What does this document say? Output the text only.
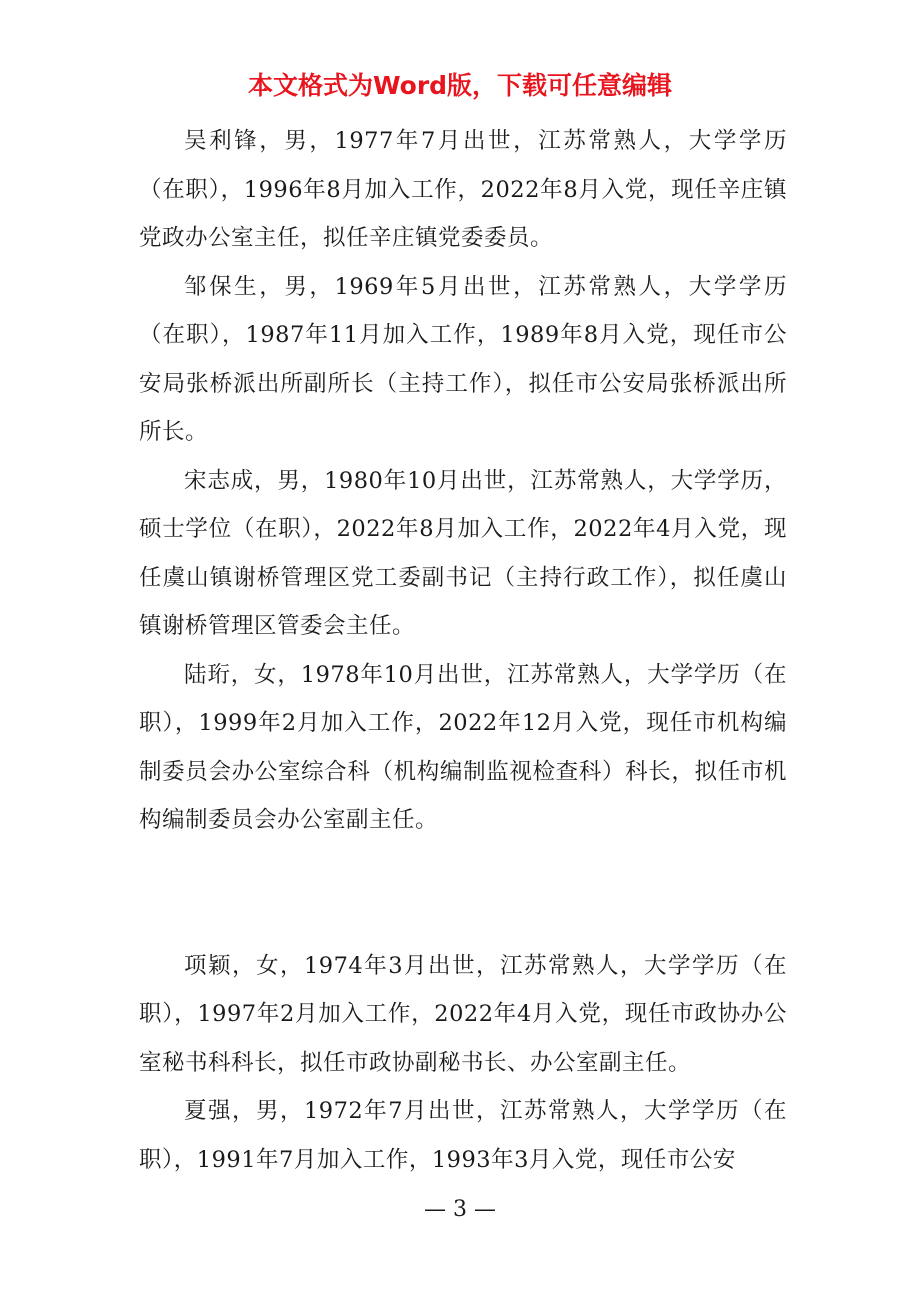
本文格式为Word版，下载可任意编辑

吴利锋，男，1977年7月出世，江苏常熟人，大学学历（在职），1996年8月加入工作，2022年8月入党，现任辛庄镇党政办公室主任，拟任辛庄镇党委委员。

邹保生，男，1969年5月出世，江苏常熟人，大学学历（在职），1987年11月加入工作，1989年8月入党，现任市公安局张桥派出所副所长（主持工作），拟任市公安局张桥派出所所长。

宋志成，男，1980年10月出世，江苏常熟人，大学学历，硕士学位（在职），2022年8月加入工作，2022年4月入党，现任虞山镇谢桥管理区党工委副书记（主持行政工作），拟任虞山镇谢桥管理区管委会主任。

陆珩，女，1978年10月出世，江苏常熟人，大学学历（在职），1999年2月加入工作，2022年12月入党，现任市机构编制委员会办公室综合科（机构编制监视检查科）科长，拟任市机构编制委员会办公室副主任。

项颖，女，1974年3月出世，江苏常熟人，大学学历（在职），1997年2月加入工作，2022年4月入党，现任市政协办公室秘书科科长，拟任市政协副秘书长、办公室副主任。

夏强，男，1972年7月出世，江苏常熟人，大学学历（在职），1991年7月加入工作，1993年3月入党，现任市公安

— 3 —
